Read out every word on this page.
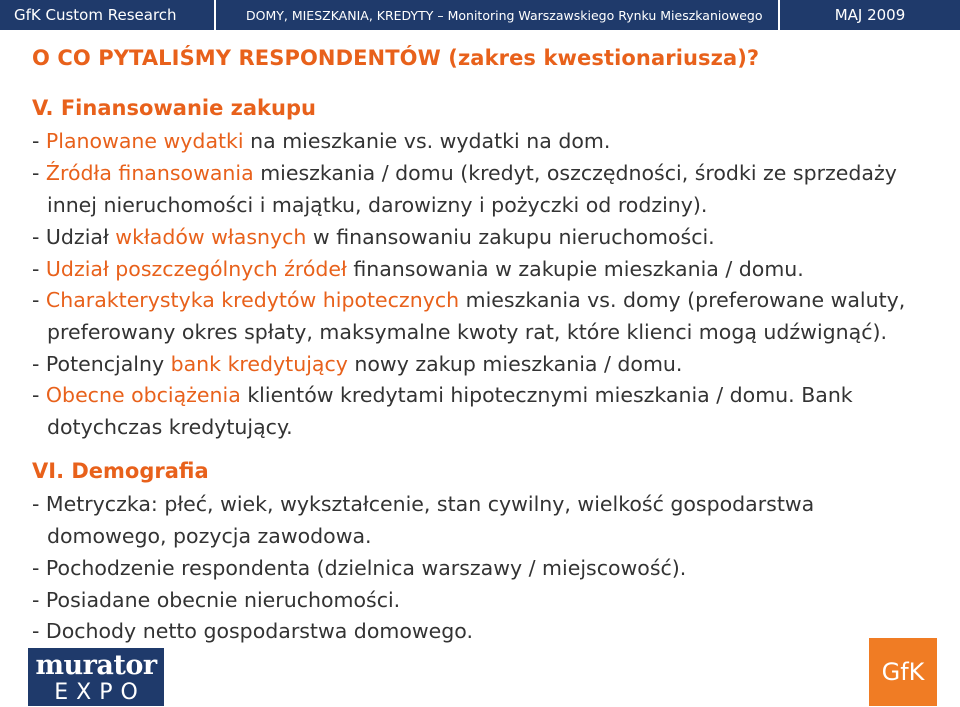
GfK Custom Research	DOMY, MIESZKANIA, KREDYTY – Monitoring Warszawskiego Rynku Mieszkaniowego	MAJ 2009
O CO PYTALIŚMY RESPONDENTÓW (zakres kwestionariusza)?
V. Finansowanie zakupu
- Planowane wydatki na mieszkanie vs. wydatki na dom.
- Źródła finansowania mieszkania / domu (kredyt, oszczędności, środki ze sprzedaży
innej nieruchomości i majątku, darowizny i pożyczki od rodziny).
- Udział wkładów własnych w finansowaniu zakupu nieruchomości.
- Udział poszczególnych źródeł finansowania w zakupie mieszkania / domu.
- Charakterystyka kredytów hipotecznych mieszkania vs. domy (preferowane waluty,
preferowany okres spłaty, maksymalne kwoty rat, które klienci mogą udźwignąć).
- Potencjalny bank kredytujący nowy zakup mieszkania / domu.
- Obecne obciążenia klientów kredytami hipotecznymi mieszkania / domu. Bank
dotychczas kredytujący.
VI. Demografia
- Metryczka: płeć, wiek, wykształcenie, stan cywilny, wielkość gospodarstwa
domowego, pozycja zawodowa.
- Pochodzenie respondenta (dzielnica warszawy / miejscowość).
- Posiadane obecnie nieruchomości.
- Dochody netto gospodarstwa domowego.
murator
EXPO
GfK
